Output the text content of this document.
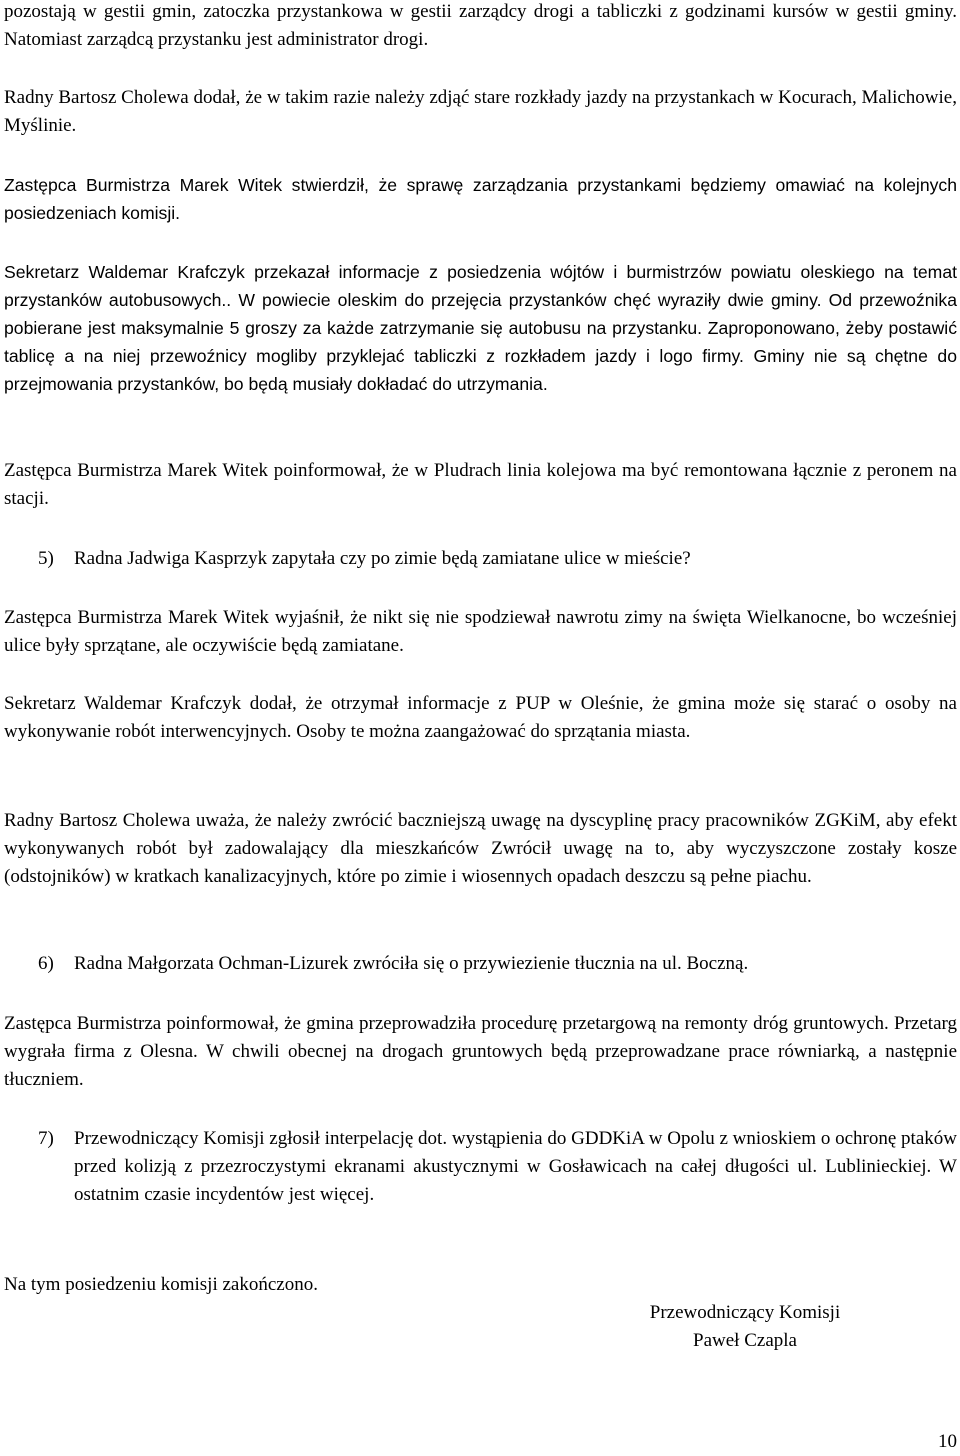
pozostają w gestii gmin, zatoczka przystankowa w gestii zarządcy drogi a tabliczki z godzinami kursów w gestii gminy. Natomiast zarządcą przystanku jest administrator drogi.

Radny Bartosz Cholewa dodał, że w takim razie należy zdjąć stare rozkłady jazdy na przystankach w Kocurach, Malichowie, Myślinie.

Zastępca Burmistrza Marek Witek stwierdził, że sprawę zarządzania przystankami będziemy omawiać na kolejnych posiedzeniach komisji.

Sekretarz Waldemar Krafczyk przekazał informacje z posiedzenia wójtów i burmistrzów powiatu oleskiego na temat przystanków autobusowych.. W powiecie oleskim do przejęcia przystanków chęć wyraziły dwie gminy. Od przewoźnika pobierane jest maksymalnie 5 groszy za każde zatrzymanie się autobusu na przystanku. Zaproponowano, żeby postawić tablicę a na niej przewoźnicy mogliby przyklejać tabliczki z rozkładem jazdy i logo firmy. Gminy nie są chętne do przejmowania przystanków, bo będą musiały dokładać do utrzymania.

Zastępca Burmistrza Marek Witek poinformował, że w Pludrach linia kolejowa ma być remontowana łącznie z peronem na stacji.

5) Radna Jadwiga Kasprzyk zapytała czy po zimie będą zamiatane ulice w mieście?

Zastępca Burmistrza Marek Witek wyjaśnił, że nikt się nie spodziewał nawrotu zimy na święta Wielkanocne, bo wcześniej ulice były sprzątane, ale oczywiście będą zamiatane.

Sekretarz Waldemar Krafczyk dodał, że otrzymał informacje z PUP w Oleśnie, że gmina może się starać o osoby na wykonywanie robót interwencyjnych. Osoby te można zaangażować do sprzątania miasta.

Radny Bartosz Cholewa uważa, że należy zwrócić baczniejszą uwagę na dyscyplinę pracy pracowników ZGKiM, aby efekt wykonywanych robót był zadowalający dla mieszkańców Zwrócił uwagę na to, aby wyczyszczone zostały kosze (odstojników) w kratkach kanalizacyjnych, które po zimie i wiosennych opadach deszczu są pełne piachu.

6) Radna Małgorzata Ochman-Lizurek zwróciła się o przywiezienie tłucznia na ul. Boczną.

Zastępca Burmistrza poinformował, że gmina przeprowadziła procedurę przetargową na remonty dróg gruntowych. Przetarg wygrała firma z Olesna. W chwili obecnej na drogach gruntowych będą przeprowadzane prace równiarką, a następnie tłuczniem.

7) Przewodniczący Komisji zgłosił interpelację dot. wystąpienia do GDDKiA w Opolu z wnioskiem o ochronę ptaków przed kolizją z przezroczystymi ekranami akustycznymi w Gosławicach na całej długości ul. Lublinieckiej. W ostatnim czasie incydentów jest więcej.

Na tym posiedzeniu komisji zakończono.

Przewodniczący Komisji
Paweł Czapla
10
